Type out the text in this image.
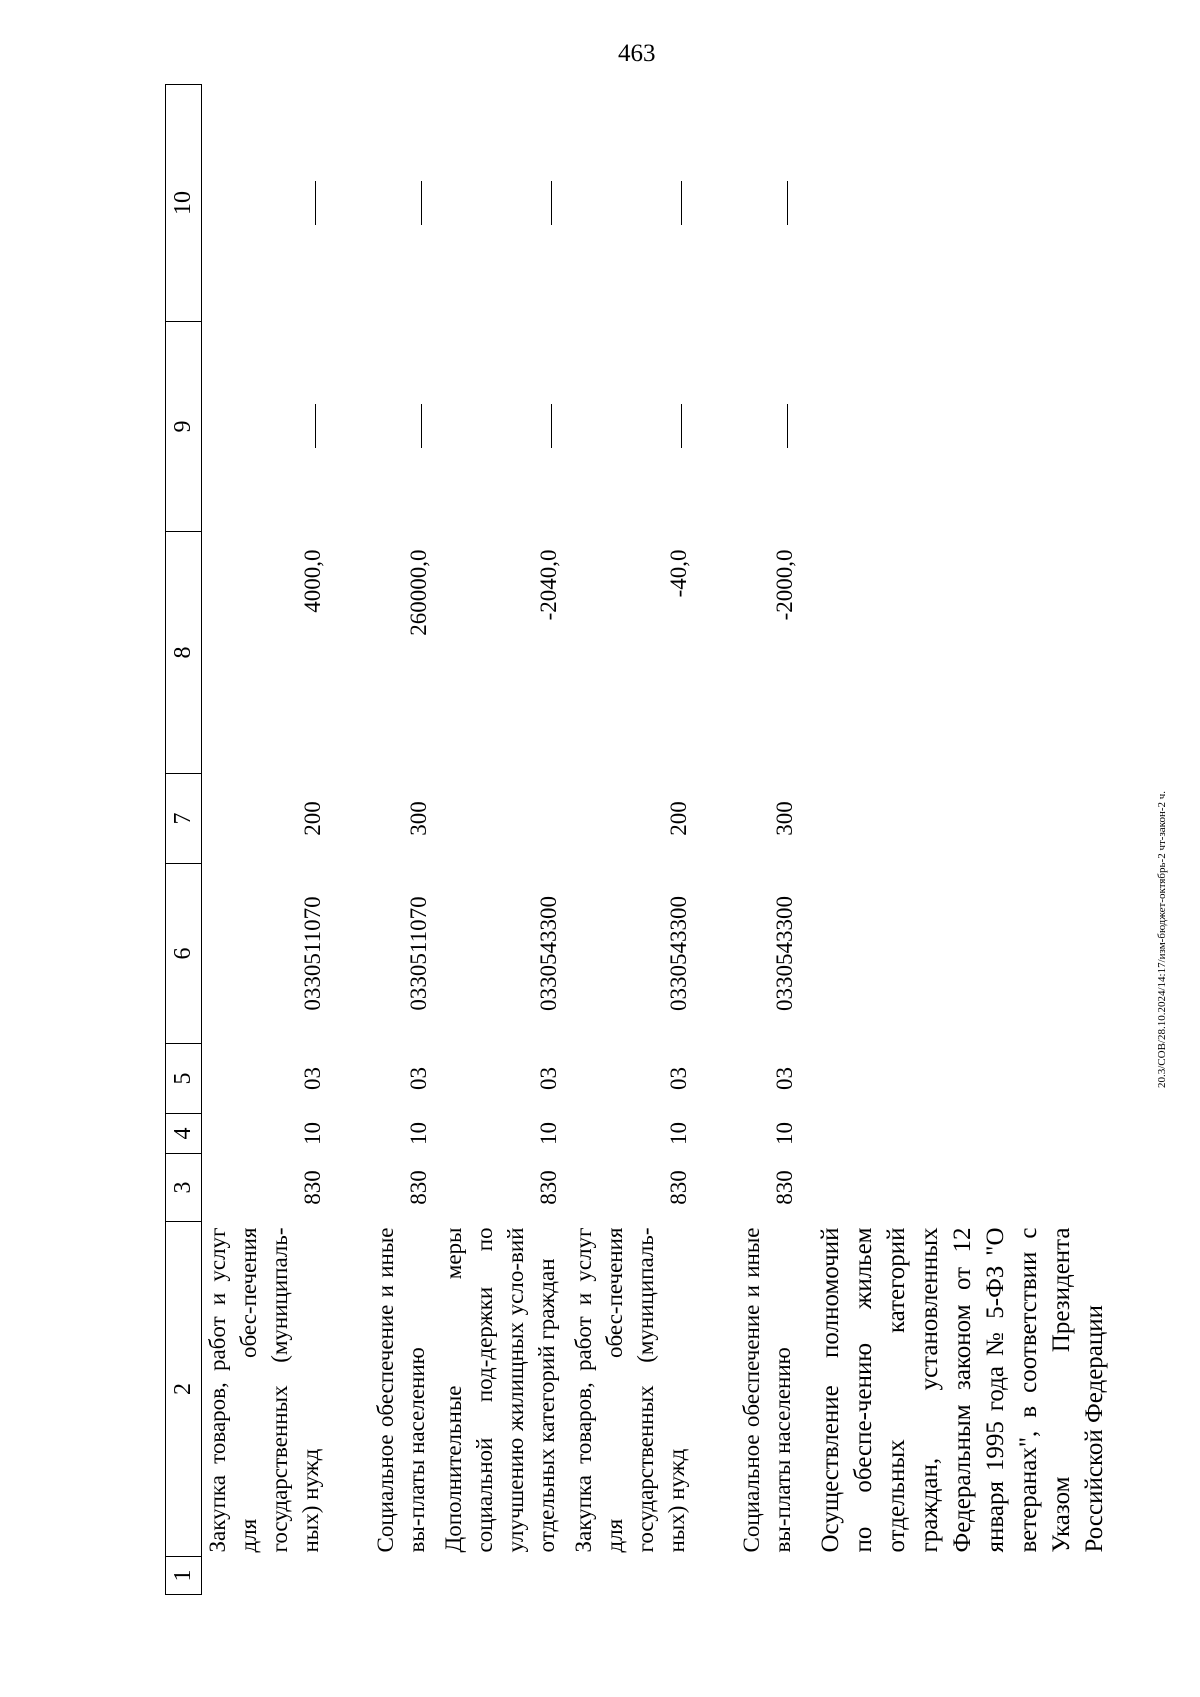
463
20.3/СОВ/28.10.2024/14:17/изм-бюджет-октябрь-2 чт-закон-2 ч.
1	2	3	4	5	6	7	8	9	10
	Закупка товаров, работ и услуг для обес-печения государственных (муниципаль-ных) нужд	830	10	03	0330511070	200	4000,0		
	Социальное обеспечение и иные вы-платы населению	830	10	03	0330511070	300	260000,0		
	Дополнительные меры социальной под-держки по улучшению жилищных усло-вий отдельных категорий граждан	830	10	03	0330543300		-2040,0		
	Закупка товаров, работ и услуг для обес-печения государственных (муниципаль-ных) нужд	830	10	03	0330543300	200	-40,0		
	Социальное обеспечение и иные вы-платы населению	830	10	03	0330543300	300	-2000,0		
	Осуществление полномочий по обеспе-чению жильем отдельных категорий граждан, установленных Федеральным законом от 12 января 1995 года № 5-ФЗ "О ветеранах", в соответствии с Указом Президента Российской Федерации								
